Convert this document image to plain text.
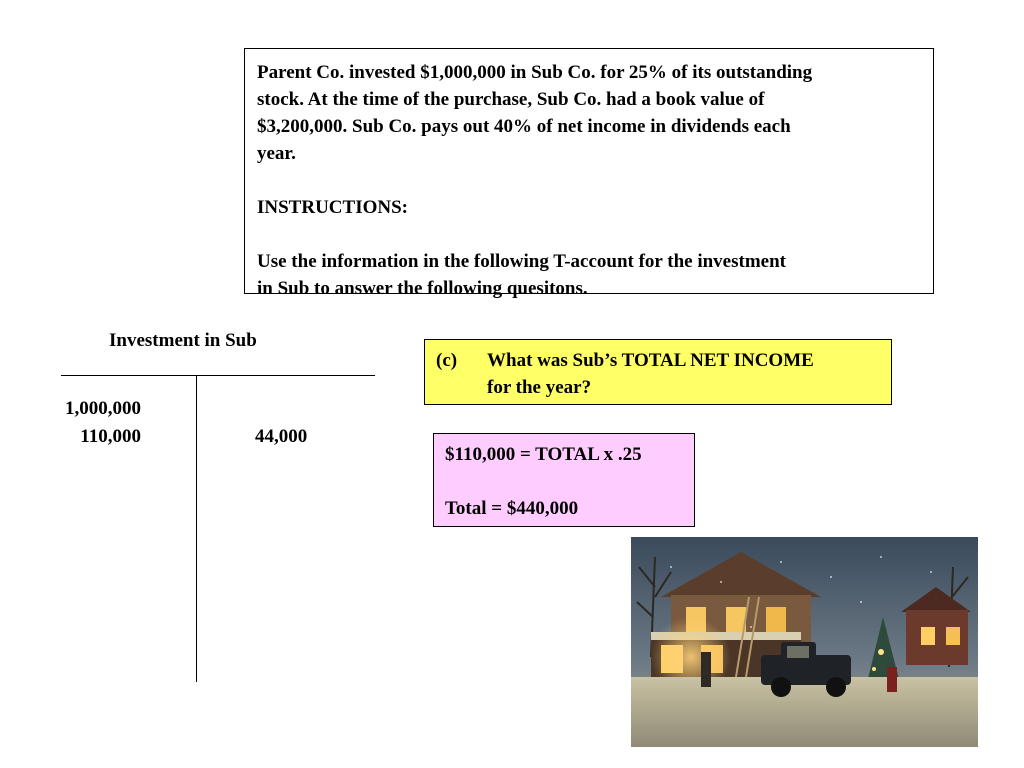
Parent Co. invested $1,000,000 in Sub Co. for 25% of its outstanding

stock. At the time of the purchase, Sub Co. had a book value of

$3,200,000. Sub Co. pays out 40% of net income in dividends each

year.

INSTRUCTIONS:

Use the information in the following T-account for the investment

in Sub to answer the following quesitons.

Investment in Sub
1,000,000
110,000	44,000
(c) What was Sub’s TOTAL NET INCOME
for the year?

$110,000 = TOTAL x .25

Total = $440,000
